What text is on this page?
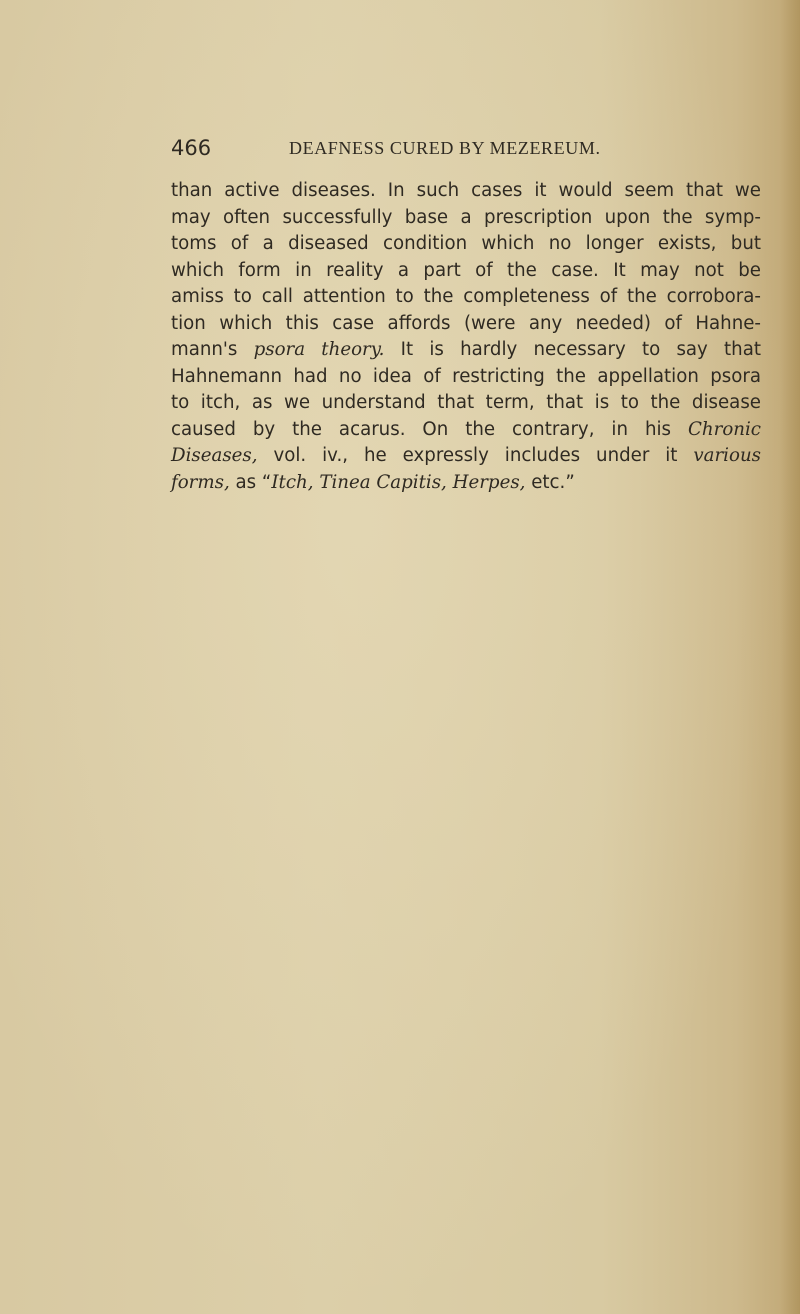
466	DEAFNESS CURED BY MEZEREUM.
than active diseases. In such cases it would seem that we
may often successfully base a prescription upon the symp-
toms of a diseased condition which no longer exists, but
which form in reality a part of the case. It may not be
amiss to call attention to the completeness of the corrobora-
tion which this case affords (were any needed) of Hahne-
mann's psora theory. It is hardly necessary to say that
Hahnemann had no idea of restricting the appellation psora
to itch, as we understand that term, that is to the disease
caused by the acarus. On the contrary, in his Chronic
Diseases, vol. iv., he expressly includes under it various
forms, as “Itch, Tinea Capitis, Herpes, etc.”
